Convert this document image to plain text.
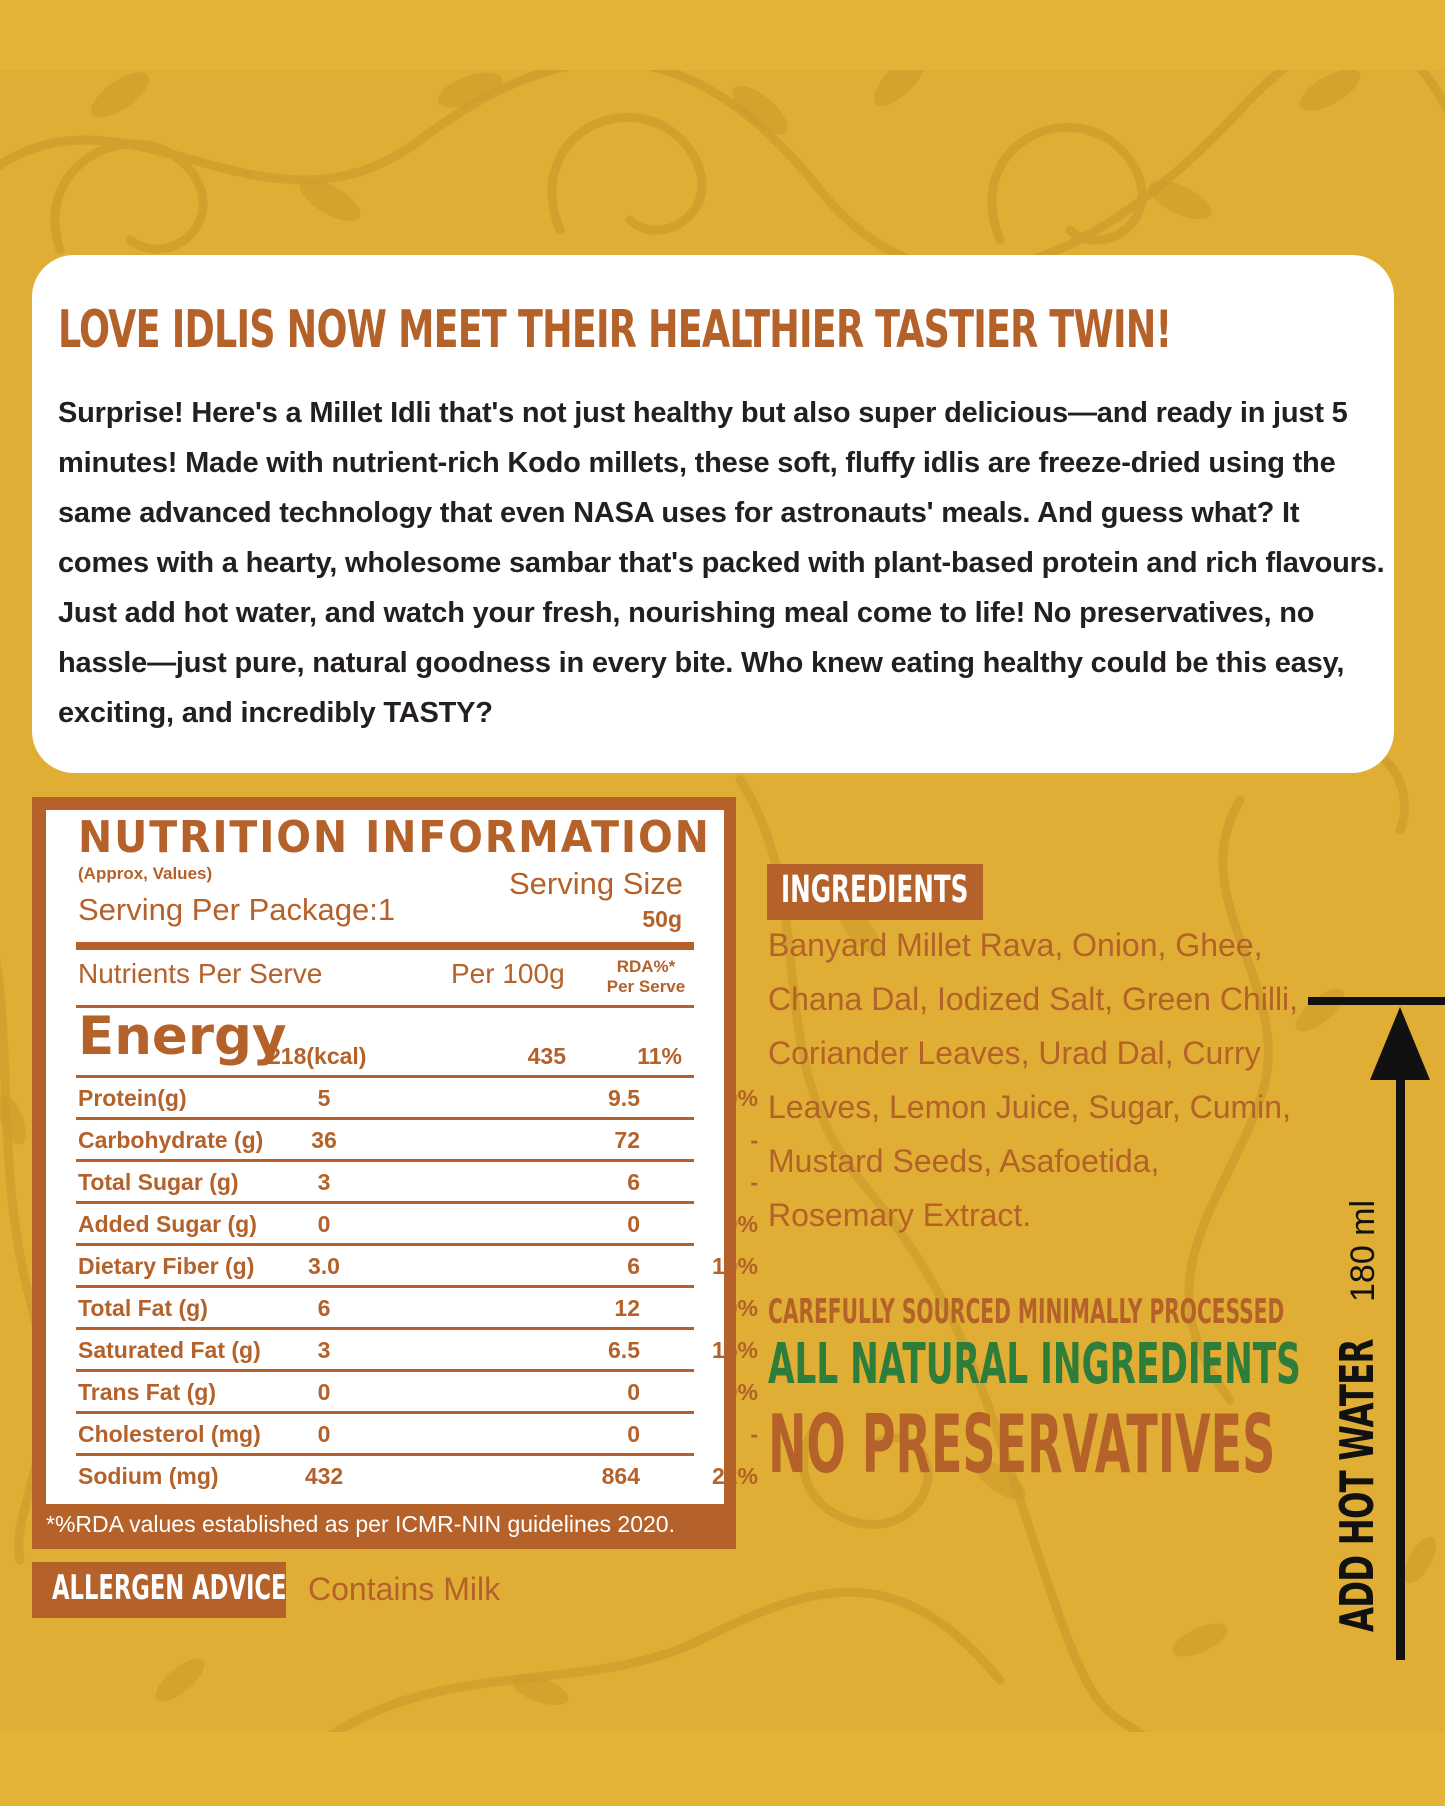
LOVE IDLIS NOW MEET THEIR HEALTHIER TASTIER TWIN!

Surprise! Here's a Millet Idli that's not just healthy but also super delicious—and ready in just 5 minutes! Made with nutrient-rich Kodo millets, these soft, fluffy idlis are freeze-dried using the same advanced technology that even NASA uses for astronauts' meals. And guess what? It comes with a hearty, wholesome sambar that's packed with plant-based protein and rich flavours. Just add hot water, and watch your fresh, nourishing meal come to life! No preservatives, no hassle—just pure, natural goodness in every bite. Who knew eating healthy could be this easy, exciting, and incredibly TASTY?

NUTRITION INFORMATION
(Approx, Values)
Serving Per Package:1
Serving Size
50g
Nutrients Per Serve	Per 100g	RDA%*
Per Serve
Energy
218(kcal)	435	11%
Protein(g)	5	9.5	9%
Carbohydrate (g)	36	72	-
Total Sugar (g)	3	6	-
Added Sugar (g)	0	0	0%
Dietary Fiber (g)	3.0	6	10%
Total Fat (g)	6	12	9%
Saturated Fat (g)	3	6.5	15%
Trans Fat (g)	0	0	0%
Cholesterol (mg)	0	0	-
Sodium (mg)	432	864	22%
*%RDA values established as per ICMR-NIN guidelines 2020.
ALLERGEN ADVICE Contains Milk
INGREDIENTS

Banyard Millet Rava, Onion, Ghee, Chana Dal, Iodized Salt, Green Chilli, Coriander Leaves, Urad Dal, Curry Leaves, Lemon Juice, Sugar, Cumin, Mustard Seeds, Asafoetida, Rosemary Extract.

CAREFULLY SOURCED MINIMALLY PROCESSED
ALL NATURAL INGREDIENTS
NO PRESERVATIVES
180 ml
ADD HOT WATER
